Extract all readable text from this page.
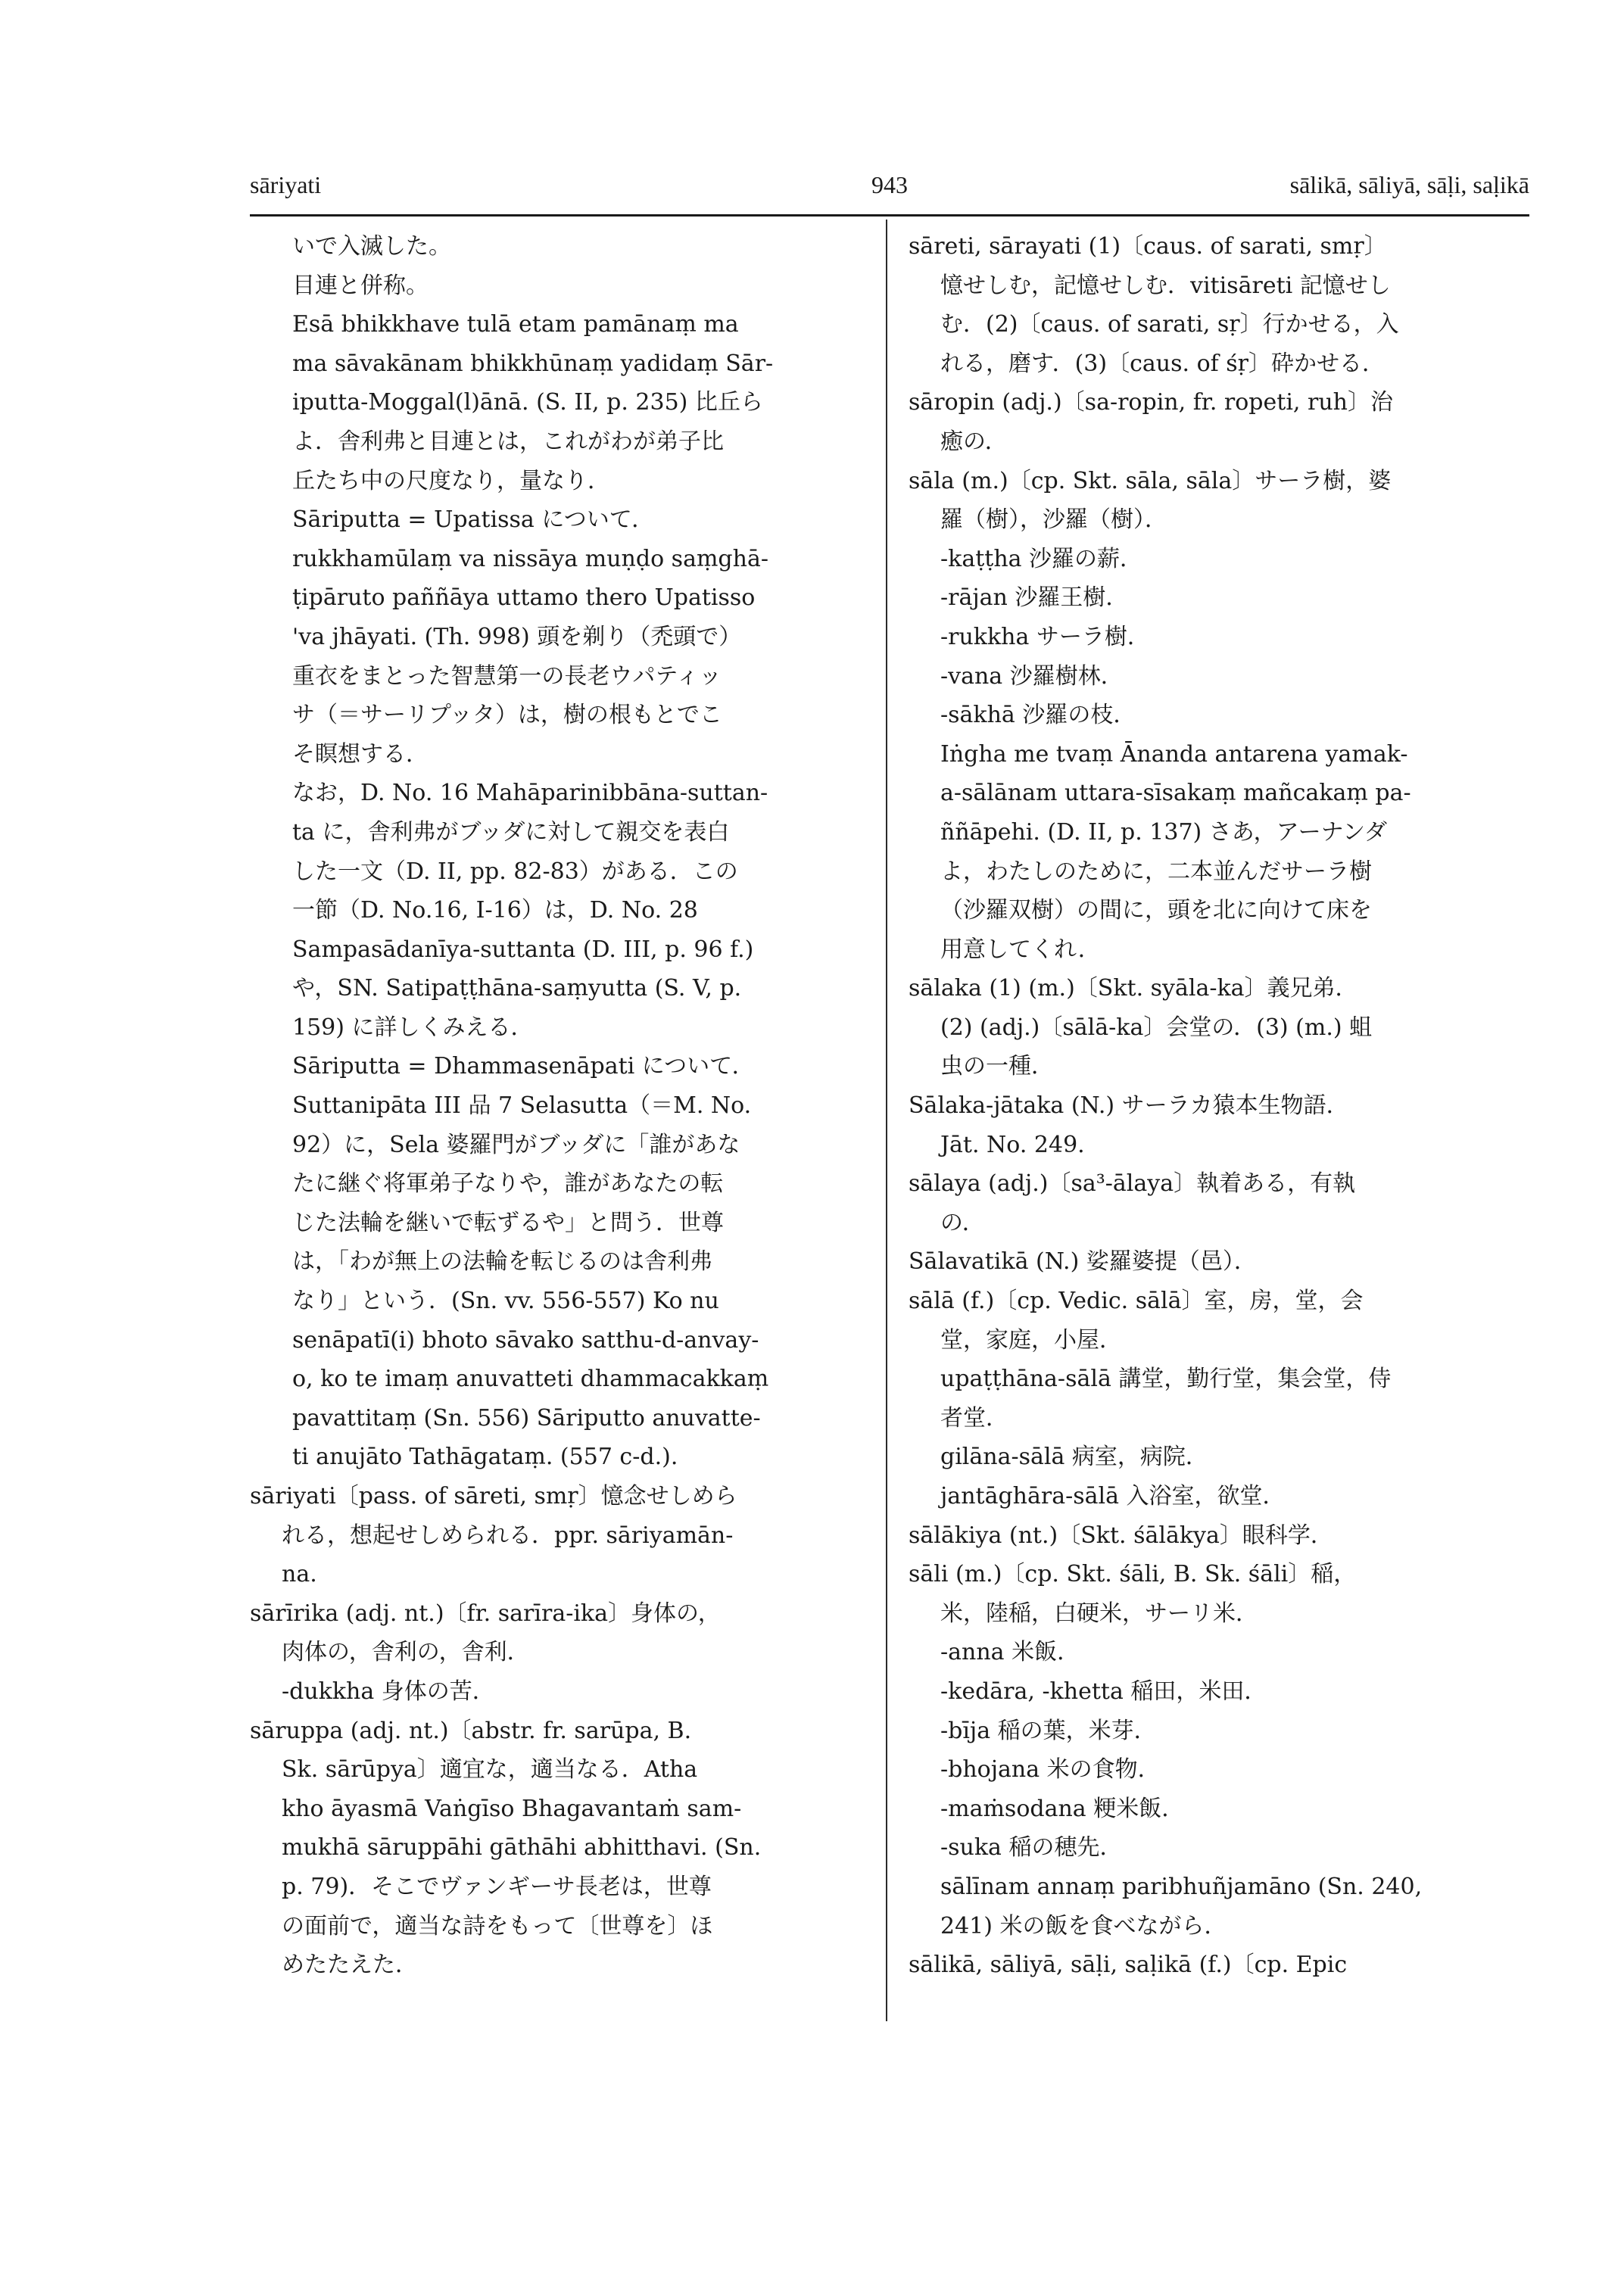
sāriyati	943	sālikā, sāliyā, sāḷi, saḷikā
いで入滅した。
目連と併称。
Esā bhikkhave tulā etam pamānaṃ ma
ma sāvakānam bhikkhūnaṃ yadidaṃ Sār-
iputta-Moggal(l)ānā. (S. II, p. 235) 比丘ら
よ．舎利弗と目連とは，これがわが弟子比
丘たち中の尺度なり，量なり．
Sāriputta = Upatissa について．
rukkhamūlaṃ va nissāya muṇḍo saṃghā-
ṭipāruto paññāya uttamo thero Upatisso
'va jhāyati. (Th. 998) 頭を剃り（禿頭で）
重衣をまとった智慧第一の長老ウパティッ
サ（＝サーリプッタ）は，樹の根もとでこ
そ瞑想する．
なお，D. No. 16 Mahāparinibbāna-suttan-
ta に，舎利弗がブッダに対して親交を表白
した一文（D. II, pp. 82-83）がある．この
一節（D. No.16, I-16）は，D. No. 28
Sampasādanīya-suttanta (D. III, p. 96 f.)
や，SN. Satipaṭṭhāna-saṃyutta (S. V, p.
159) に詳しくみえる．
Sāriputta = Dhammasenāpati について．
Suttanipāta III 品 7 Selasutta（＝M. No.
92）に，Sela 婆羅門がブッダに「誰があな
たに継ぐ将軍弟子なりや，誰があなたの転
じた法輪を継いで転ずるや」と問う．世尊
は，「わが無上の法輪を転じるのは舎利弗
なり」という．(Sn. vv. 556-557) Ko nu
senāpatī(i) bhoto sāvako satthu-d-anvay-
o, ko te imaṃ anuvatteti dhammacakkaṃ
pavattitaṃ (Sn. 556) Sāriputto anuvatte-
ti anujāto Tathāgataṃ. (557 c-d.).
sāriyati〔pass. of sāreti, smṛ〕憶念せしめら
れる，想起せしめられる．ppr. sāriyamān-
na.
sārīrika (adj. nt.)〔fr. sarīra-ika〕身体の，
肉体の，舎利の，舎利．
-dukkha 身体の苦．
sāruppa (adj. nt.)〔abstr. fr. sarūpa, B.
Sk. sārūpya〕適宜な，適当なる．Atha
kho āyasmā Vaṅgīso Bhagavantaṁ sam-
mukhā sāruppāhi gāthāhi abhitthavi. (Sn.
p. 79)．そこでヴァンギーサ長老は，世尊
の面前で，適当な詩をもって〔世尊を〕ほ
めたたえた．
sāreti, sārayati (1)〔caus. of sarati, smṛ〕
憶せしむ，記憶せしむ．vitisāreti 記憶せし
む．(2)〔caus. of sarati, sṛ〕行かせる，入
れる，磨す．(3)〔caus. of śṛ〕砕かせる．
sāropin (adj.)〔sa-ropin, fr. ropeti, ruh〕治
癒の．
sāla (m.)〔cp. Skt. sāla, sāla〕サーラ樹，婆
羅（樹），沙羅（樹）．
-kaṭṭha 沙羅の薪．
-rājan 沙羅王樹．
-rukkha サーラ樹．
-vana 沙羅樹林．
-sākhā 沙羅の枝．
Iṅgha me tvaṃ Ānanda antarena yamak-
a-sālānam uttara-sīsakaṃ mañcakaṃ pa-
ññāpehi. (D. II, p. 137) さあ，アーナンダ
よ，わたしのために，二本並んだサーラ樹
（沙羅双樹）の間に，頭を北に向けて床を
用意してくれ．
sālaka (1) (m.)〔Skt. syāla-ka〕義兄弟．
(2) (adj.)〔sālā-ka〕会堂の．(3) (m.) 蛆
虫の一種．
Sālaka-jātaka (N.) サーラカ猿本生物語．
Jāt. No. 249.
sālaya (adj.)〔sa³-ālaya〕執着ある，有執
の．
Sālavatikā (N.) 娑羅婆提（邑）．
sālā (f.)〔cp. Vedic. sālā〕室，房，堂，会
堂，家庭，小屋．
upaṭṭhāna-sālā 講堂，勤行堂，集会堂，侍
者堂．
gilāna-sālā 病室，病院．
jantāghāra-sālā 入浴室，欲堂．
sālākiya (nt.)〔Skt. śālākya〕眼科学．
sāli (m.)〔cp. Skt. śāli, B. Sk. śāli〕稲，
米，陸稲，白硬米，サーリ米．
-anna 米飯．
-kedāra, -khetta 稲田，米田．
-bīja 稲の葉，米芽．
-bhojana 米の食物．
-maṁsodana 粳米飯．
-suka 稲の穂先．
sālīnam annaṃ paribhuñjamāno (Sn. 240,
241) 米の飯を食べながら．
sālikā, sāliyā, sāḷi, saḷikā (f.)〔cp. Epic
